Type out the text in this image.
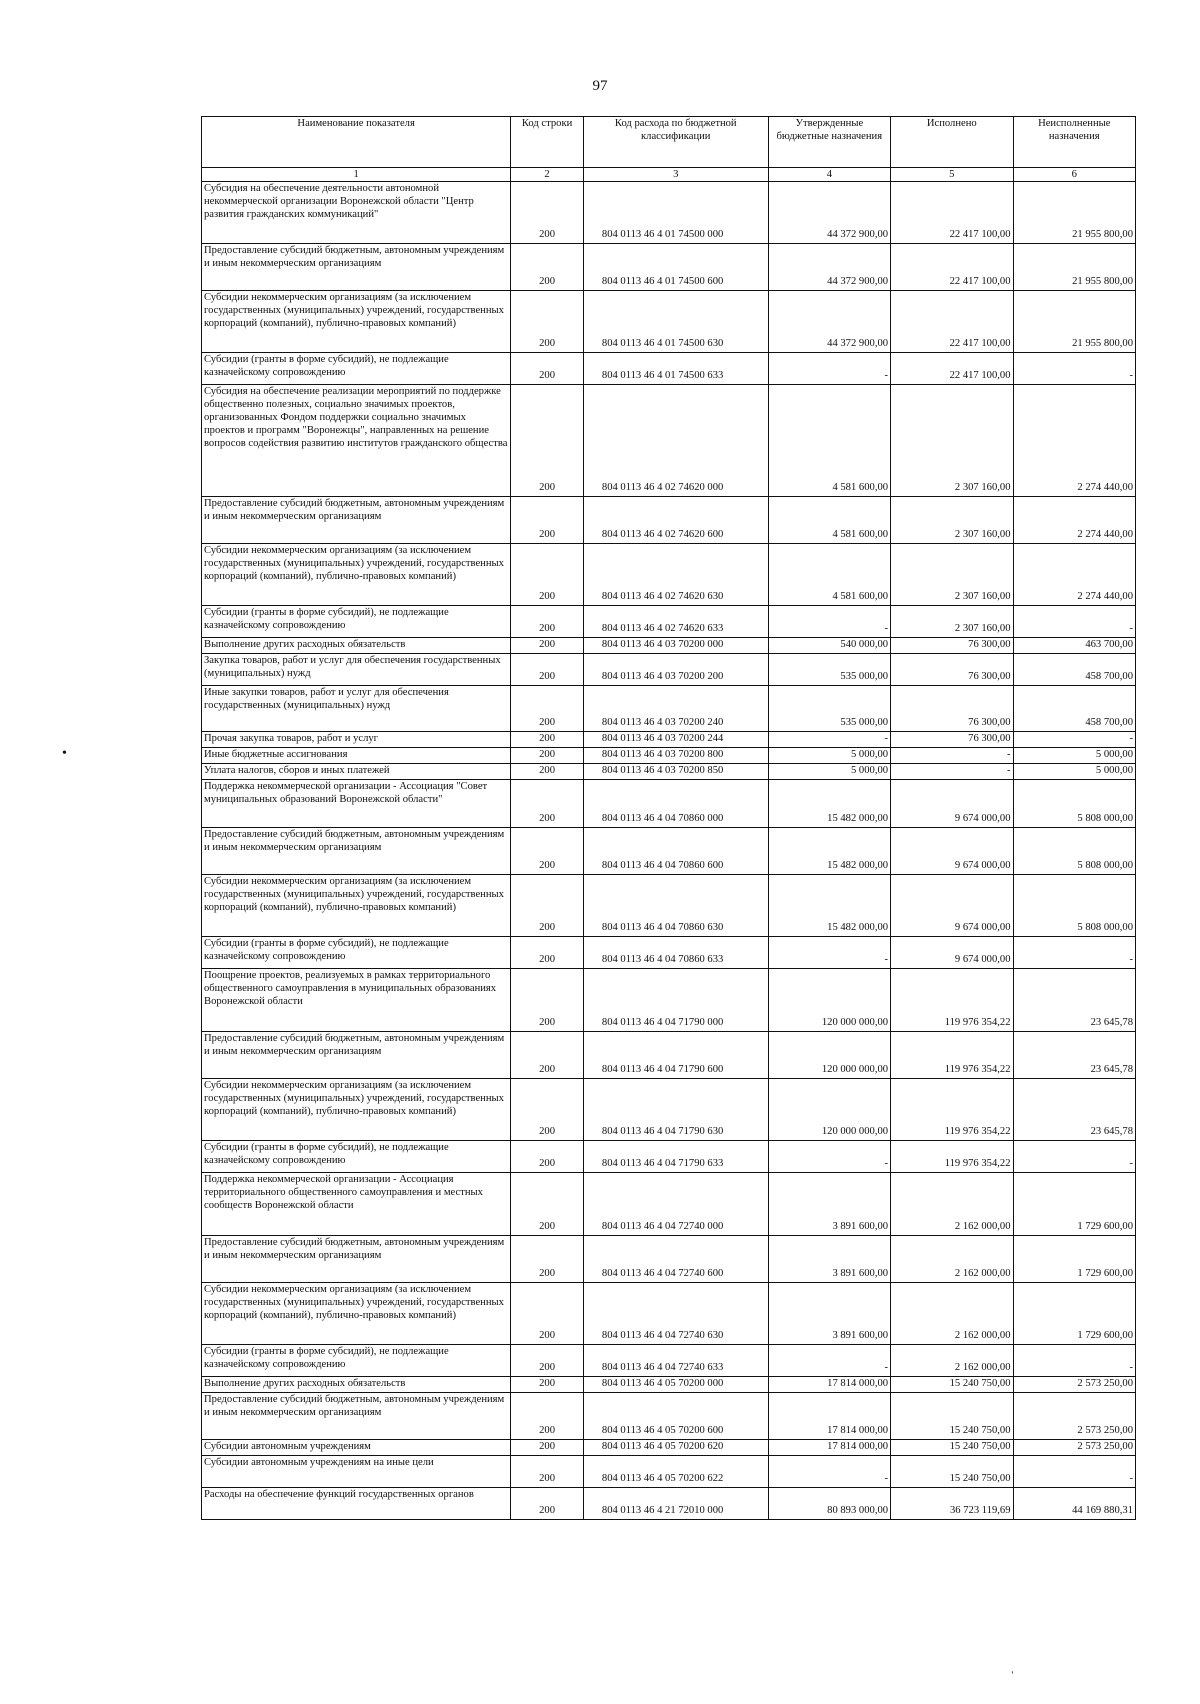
97
Наименование показателя	Код строки	Код расхода по бюджетной классификации	Утвержденные бюджетные назначения	Исполнено	Неисполненные назначения
1	2	3	4	5	6
Субсидия на обеспечение деятельности автономной некоммерческой организации Воронежской области "Центр развития гражданских коммуникаций"	200	804 0113 46 4 01 74500 000	44 372 900,00	22 417 100,00	21 955 800,00
Предоставление субсидий бюджетным, автономным учреждениям и иным некоммерческим организациям	200	804 0113 46 4 01 74500 600	44 372 900,00	22 417 100,00	21 955 800,00
Субсидии некоммерческим организациям (за исключением государственных (муниципальных) учреждений, государственных корпораций (компаний), публично-правовых компаний)	200	804 0113 46 4 01 74500 630	44 372 900,00	22 417 100,00	21 955 800,00
Субсидии (гранты в форме субсидий), не подлежащие казначейскому сопровождению	200	804 0113 46 4 01 74500 633	-	22 417 100,00	-
Субсидия на обеспечение реализации мероприятий по поддержке общественно полезных, социально значимых проектов, организованных Фондом поддержки социально значимых проектов и программ "Воронежцы", направленных на решение вопросов содействия развитию институтов гражданского общества	200	804 0113 46 4 02 74620 000	4 581 600,00	2 307 160,00	2 274 440,00
Предоставление субсидий бюджетным, автономным учреждениям и иным некоммерческим организациям	200	804 0113 46 4 02 74620 600	4 581 600,00	2 307 160,00	2 274 440,00
Субсидии некоммерческим организациям (за исключением государственных (муниципальных) учреждений, государственных корпораций (компаний), публично-правовых компаний)	200	804 0113 46 4 02 74620 630	4 581 600,00	2 307 160,00	2 274 440,00
Субсидии (гранты в форме субсидий), не подлежащие казначейскому сопровождению	200	804 0113 46 4 02 74620 633	-	2 307 160,00	-
Выполнение других расходных обязательств	200	804 0113 46 4 03 70200 000	540 000,00	76 300,00	463 700,00
Закупка товаров, работ и услуг для обеспечения государственных (муниципальных) нужд	200	804 0113 46 4 03 70200 200	535 000,00	76 300,00	458 700,00
Иные закупки товаров, работ и услуг для обеспечения государственных (муниципальных) нужд	200	804 0113 46 4 03 70200 240	535 000,00	76 300,00	458 700,00
Прочая закупка товаров, работ и услуг	200	804 0113 46 4 03 70200 244	-	76 300,00	-
Иные бюджетные ассигнования	200	804 0113 46 4 03 70200 800	5 000,00	-	5 000,00
Уплата налогов, сборов и иных платежей	200	804 0113 46 4 03 70200 850	5 000,00	-	5 000,00
Поддержка некоммерческой организации - Ассоциация "Совет муниципальных образований Воронежской области"	200	804 0113 46 4 04 70860 000	15 482 000,00	9 674 000,00	5 808 000,00
Предоставление субсидий бюджетным, автономным учреждениям и иным некоммерческим организациям	200	804 0113 46 4 04 70860 600	15 482 000,00	9 674 000,00	5 808 000,00
Субсидии некоммерческим организациям (за исключением государственных (муниципальных) учреждений, государственных корпораций (компаний), публично-правовых компаний)	200	804 0113 46 4 04 70860 630	15 482 000,00	9 674 000,00	5 808 000,00
Субсидии (гранты в форме субсидий), не подлежащие казначейскому сопровождению	200	804 0113 46 4 04 70860 633	-	9 674 000,00	-
Поощрение проектов, реализуемых в рамках территориального общественного самоуправления в муниципальных образованиях Воронежской области	200	804 0113 46 4 04 71790 000	120 000 000,00	119 976 354,22	23 645,78
Предоставление субсидий бюджетным, автономным учреждениям и иным некоммерческим организациям	200	804 0113 46 4 04 71790 600	120 000 000,00	119 976 354,22	23 645,78
Субсидии некоммерческим организациям (за исключением государственных (муниципальных) учреждений, государственных корпораций (компаний), публично-правовых компаний)	200	804 0113 46 4 04 71790 630	120 000 000,00	119 976 354,22	23 645,78
Субсидии (гранты в форме субсидий), не подлежащие казначейскому сопровождению	200	804 0113 46 4 04 71790 633	-	119 976 354,22	-
Поддержка некоммерческой организации - Ассоциация территориального общественного самоуправления и местных сообществ Воронежской области	200	804 0113 46 4 04 72740 000	3 891 600,00	2 162 000,00	1 729 600,00
Предоставление субсидий бюджетным, автономным учреждениям и иным некоммерческим организациям	200	804 0113 46 4 04 72740 600	3 891 600,00	2 162 000,00	1 729 600,00
Субсидии некоммерческим организациям (за исключением государственных (муниципальных) учреждений, государственных корпораций (компаний), публично-правовых компаний)	200	804 0113 46 4 04 72740 630	3 891 600,00	2 162 000,00	1 729 600,00
Субсидии (гранты в форме субсидий), не подлежащие казначейскому сопровождению	200	804 0113 46 4 04 72740 633	-	2 162 000,00	-
Выполнение других расходных обязательств	200	804 0113 46 4 05 70200 000	17 814 000,00	15 240 750,00	2 573 250,00
Предоставление субсидий бюджетным, автономным учреждениям и иным некоммерческим организациям	200	804 0113 46 4 05 70200 600	17 814 000,00	15 240 750,00	2 573 250,00
Субсидии автономным учреждениям	200	804 0113 46 4 05 70200 620	17 814 000,00	15 240 750,00	2 573 250,00
Субсидии автономным учреждениям на иные цели	200	804 0113 46 4 05 70200 622	-	15 240 750,00	-
Расходы на обеспечение функций государственных органов	200	804 0113 46 4 21 72010 000	80 893 000,00	36 723 119,69	44 169 880,31
•
ˈ
